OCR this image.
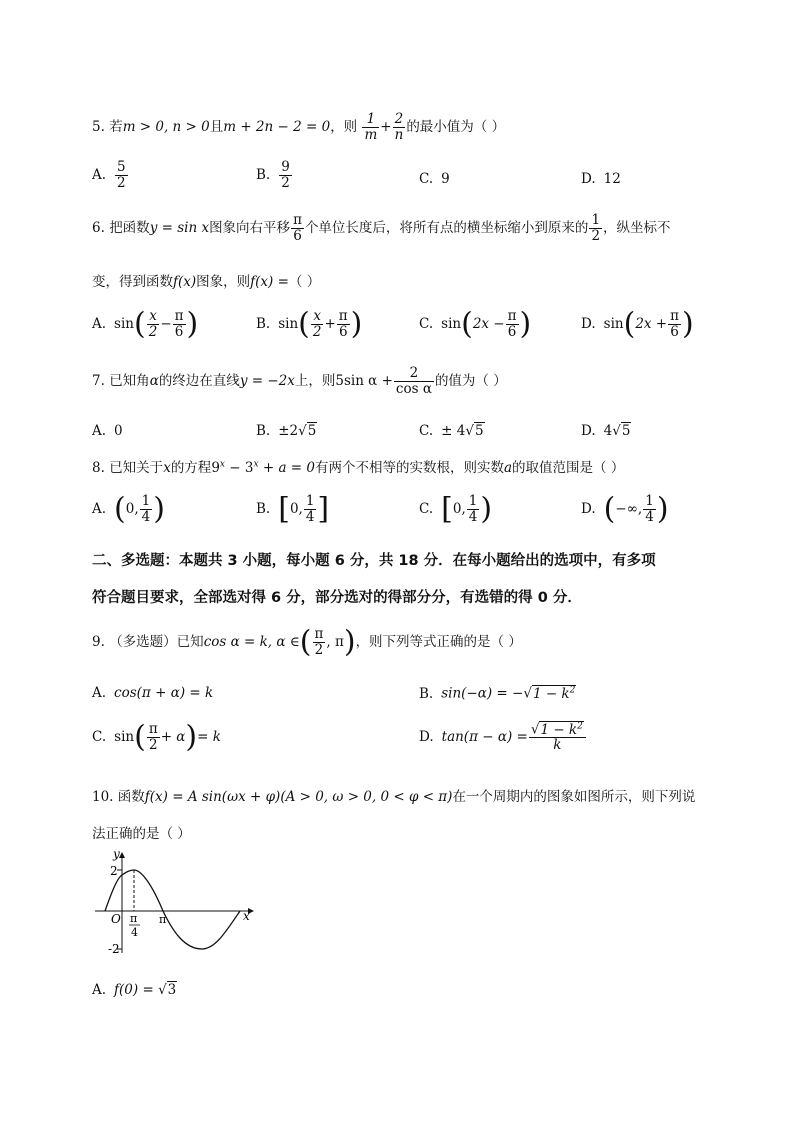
5. 若m > 0, n > 0且m + 2n − 2 = 0，则 $\frac{1}{m} + \frac{2}{n}$ 的最小值为（ ）
A. $\frac{5}{2}$	B. $\frac{9}{2}$	C. 9	D. 12
6. 把函数y = sin x图象向右平移 $\frac{\pi}{6}$ 个单位长度后，将所有点的横坐标缩小到原来的 $\frac{1}{2}$ ，纵坐标不
变，得到函数f(x)图象，则f(x) =（ ）
A. $\sin( \frac{x}{2} - \frac{\pi}{6}$ )	B. $\sin( \frac{x}{2} + \frac{\pi}{6}$ )	C. $\sin(2x - \frac{\pi}{6}$ )	D. $\sin(2x + \frac{\pi}{6}$ )
7. 已知角α的终边在直线y = −2x上，则5sin $\alpha + \frac{2}{\text{cos α}}$ 的值为（ ）
A. 0	B. ±2√5	C. ± 4√5	D. 4√5
8. 已知关于x的方程$9^x - 3^x + a = 0$有两个不相等的实数根，则实数a的取值范围是（ ）
A. (0, $\frac{1}{4}$ )	B. [0, $\frac{1}{4}$ ]	C. [0, $\frac{1}{4}$ )	D. (−∞, $\frac{1}{4}$ )
二、多选题：本题共 3 小题，每小题 6 分，共 18 分．在每小题给出的选项中，有多项
符合题目要求，全部选对得 6 分，部分选对的得部分分，有选错的得 0 分．
9. （多选题）已知cos α = k, α ∈( $\frac{\pi}{2}$ , π)，则下列等式正确的是（ ）
A. cos(π + α) = k	B. $\sin(-\alpha) = -√1 - k^2$
C. $\sin( \frac{\pi}{2} + \alpha)= k$	D. $\tan(\pi - \alpha) = \frac{√1 - k^2}{k}$
10. 函数f(x) = A sin(ωx + φ)(A > 0, ω > 0, 0 < φ < π)在一个周期内的图象如图所示，则下列说
法正确的是（ ）
y
x
O
2
-2
π
4
π
A. f(0) = √3
